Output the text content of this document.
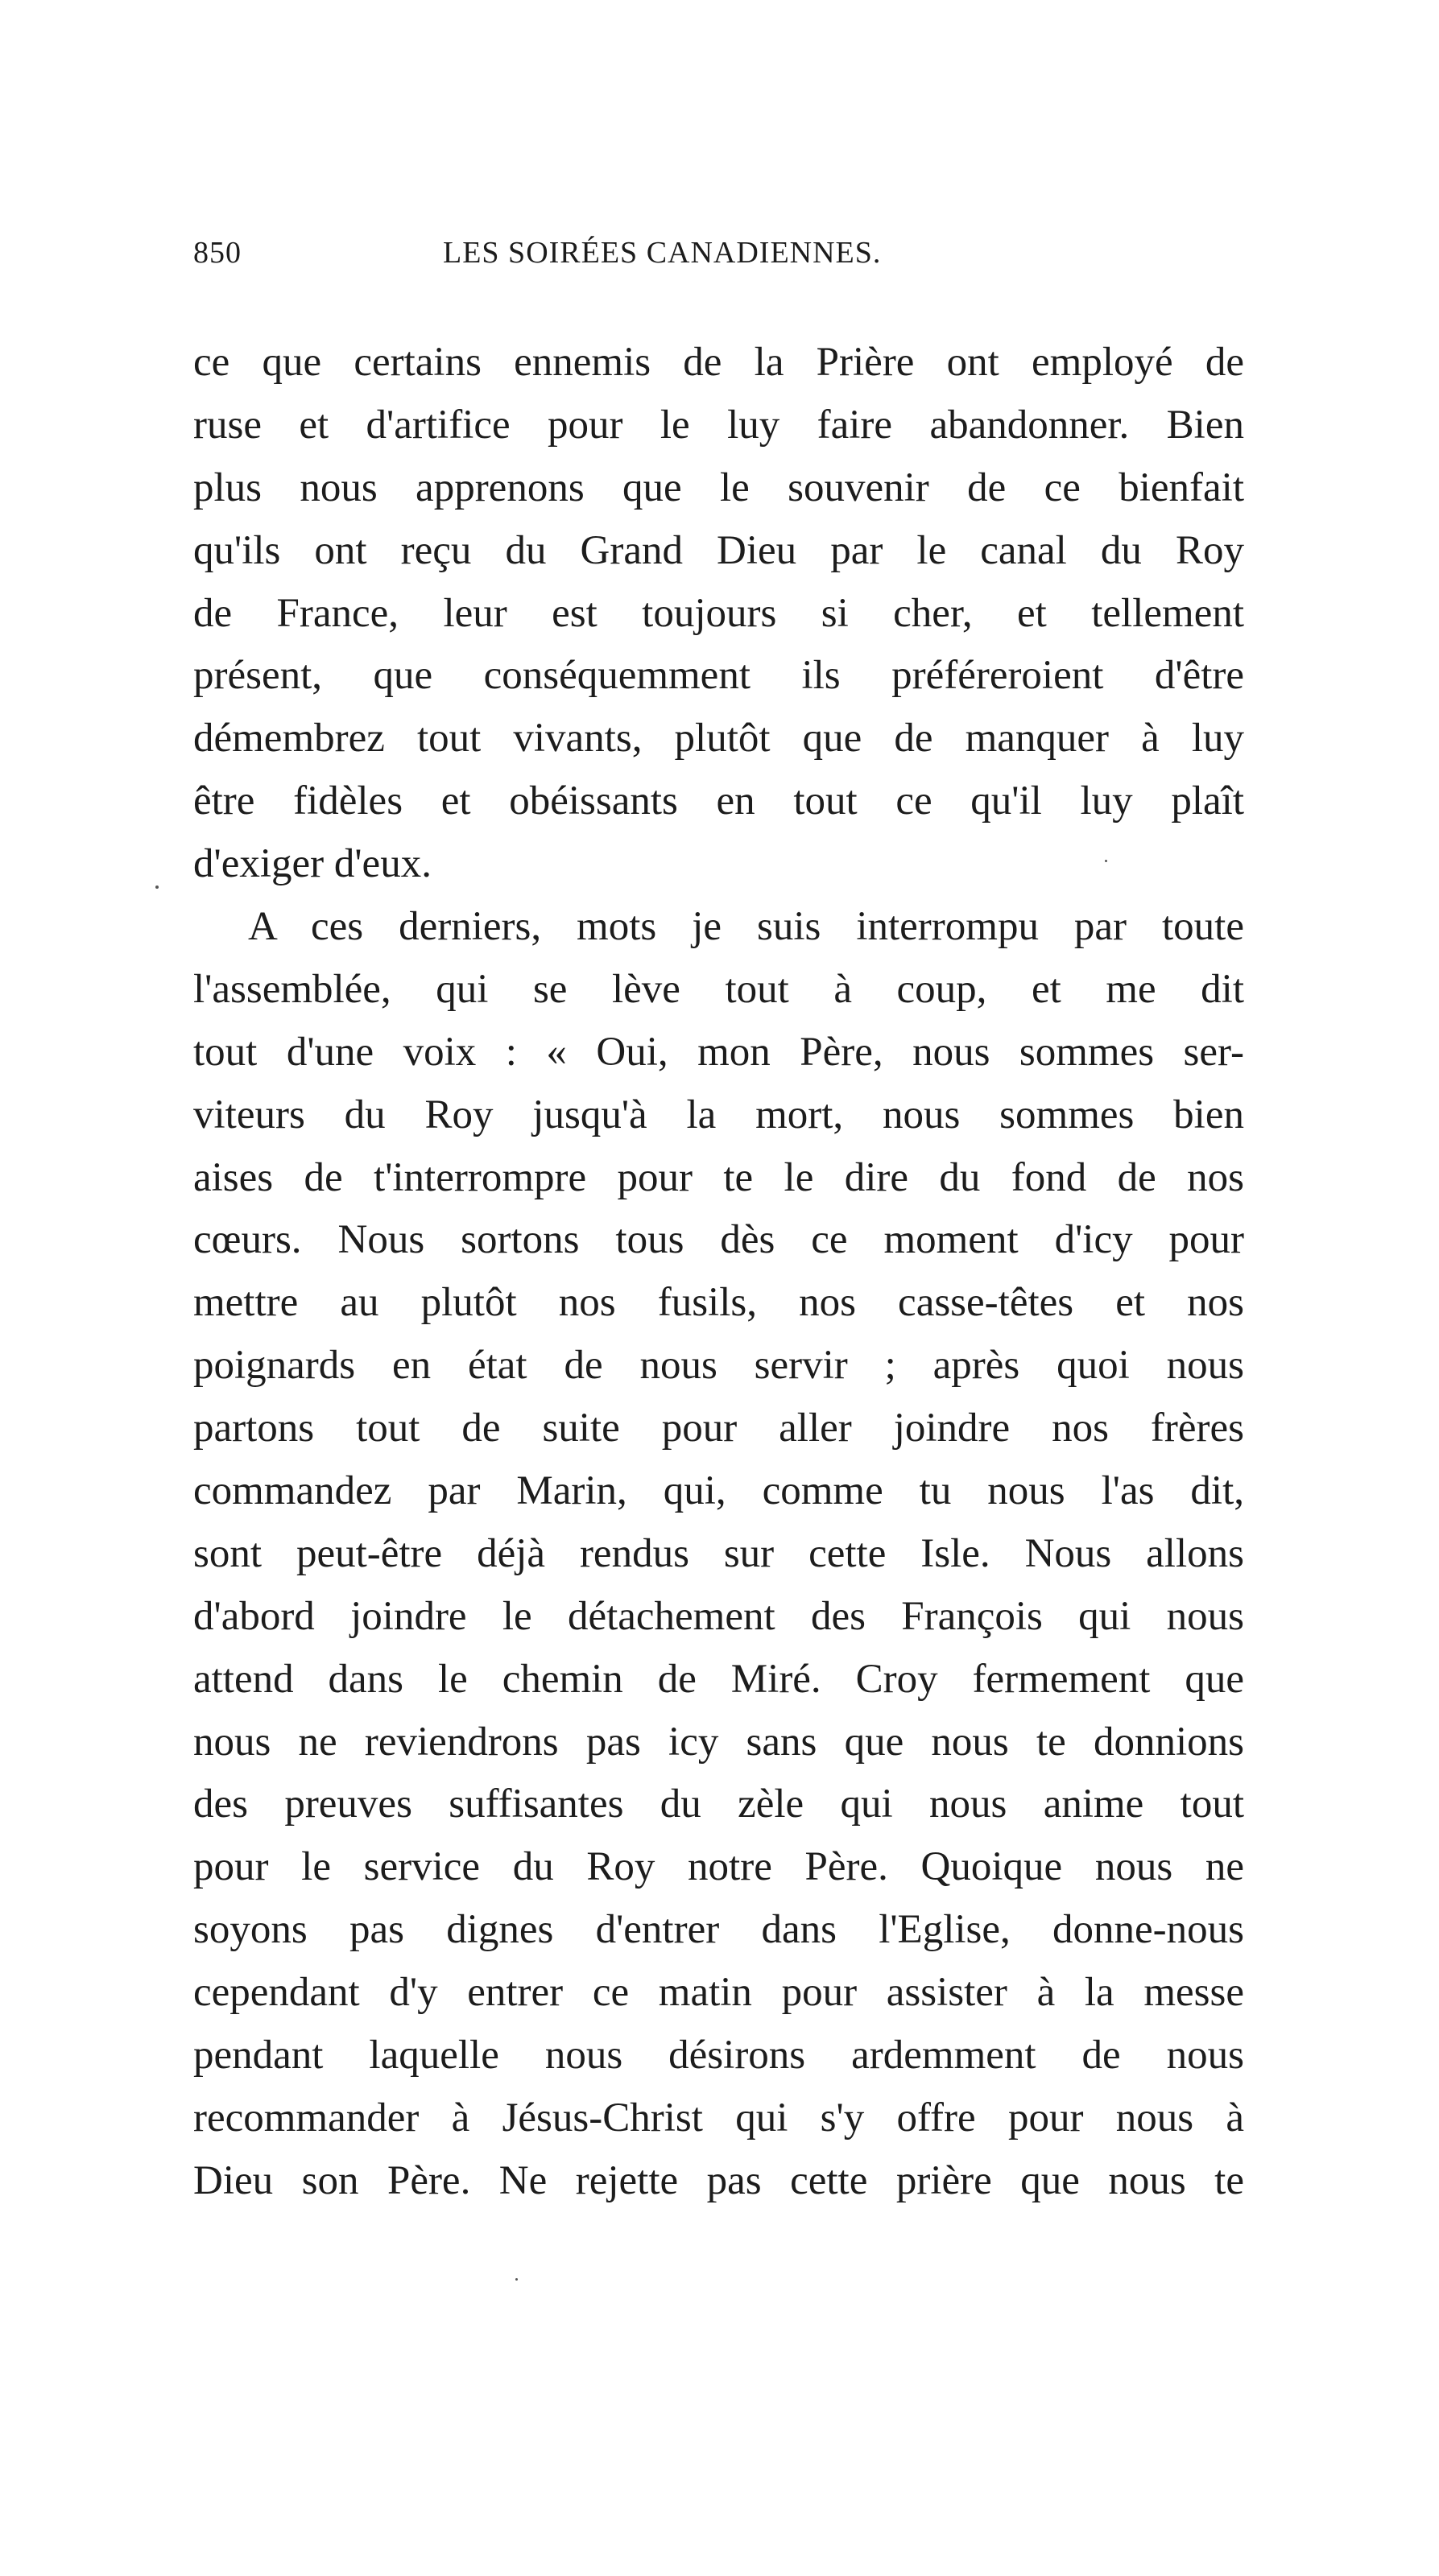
850	LES SOIRÉES CANADIENNES.
ce que certains ennemis de la Prière ont employé de
ruse et d'artifice pour le luy faire abandonner. Bien
plus nous apprenons que le souvenir de ce bienfait
qu'ils ont reçu du Grand Dieu par le canal du Roy
de France, leur est toujours si cher, et tellement
présent, que conséquemment ils préféreroient d'être
démembrez tout vivants, plutôt que de manquer à luy
être fidèles et obéissants en tout ce qu'il luy plaît
d'exiger d'eux.
A ces derniers, mots je suis interrompu par toute
l'assemblée, qui se lève tout à coup, et me dit
tout d'une voix : « Oui, mon Père, nous sommes ser-
viteurs du Roy jusqu'à la mort, nous sommes bien
aises de t'interrompre pour te le dire du fond de nos
cœurs. Nous sortons tous dès ce moment d'icy pour
mettre au plutôt nos fusils, nos casse-têtes et nos
poignards en état de nous servir ; après quoi nous
partons tout de suite pour aller joindre nos frères
commandez par Marin, qui, comme tu nous l'as dit,
sont peut-être déjà rendus sur cette Isle. Nous allons
d'abord joindre le détachement des François qui nous
attend dans le chemin de Miré. Croy fermement que
nous ne reviendrons pas icy sans que nous te donnions
des preuves suffisantes du zèle qui nous anime tout
pour le service du Roy notre Père. Quoique nous ne
soyons pas dignes d'entrer dans l'Eglise, donne-nous
cependant d'y entrer ce matin pour assister à la messe
pendant laquelle nous désirons ardemment de nous
recommander à Jésus-Christ qui s'y offre pour nous à
Dieu son Père. Ne rejette pas cette prière que nous te
